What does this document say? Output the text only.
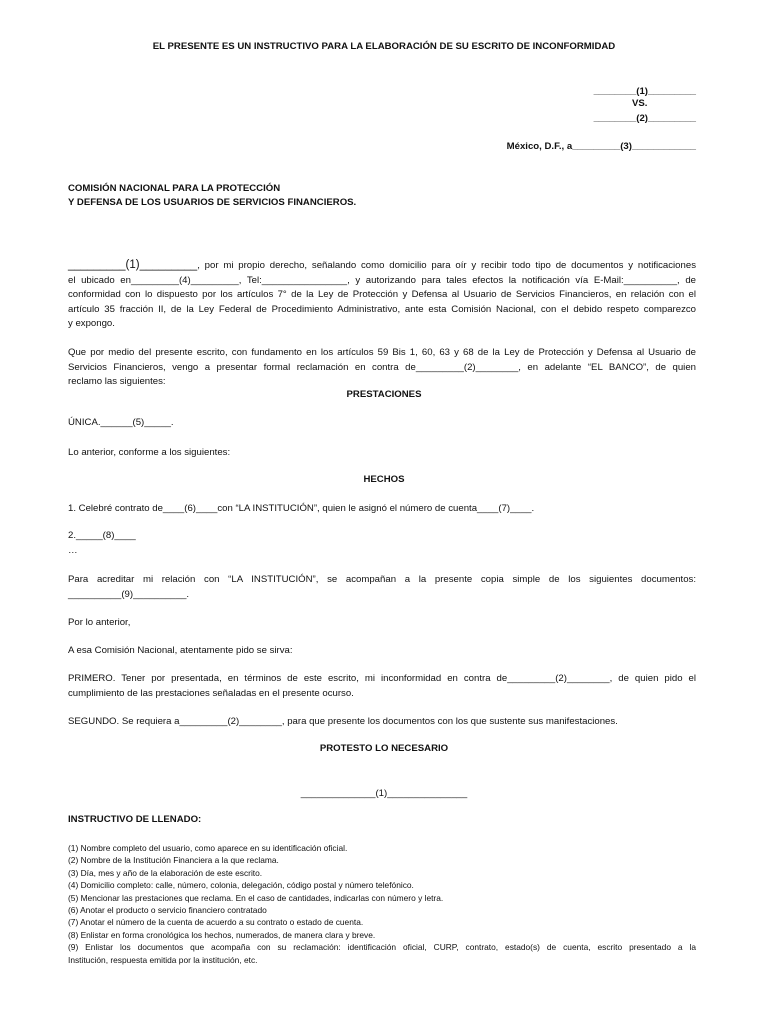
EL PRESENTE ES UN INSTRUCTIVO PARA LA ELABORACIÓN DE SU ESCRITO DE INCONFORMIDAD
________(1)_________
VS.
________(2)_________
México, D.F., a_________(3)____________
COMISIÓN NACIONAL PARA LA PROTECCIÓN
Y DEFENSA DE LOS USUARIOS DE SERVICIOS FINANCIEROS.
_________(1)_________, por mi propio derecho, señalando como domicilio para oír y recibir todo tipo de documentos y notificaciones
el ubicado en_________(4)_________, Tel:________________, y autorizando para tales efectos la notificación vía E-Mail:__________, de
conformidad con lo dispuesto por los artículos 7° de la Ley de Protección y Defensa al Usuario de Servicios Financieros, en relación con el
artículo 35 fracción II, de la Ley Federal de Procedimiento Administrativo, ante esta Comisión Nacional, con el debido respeto comparezco
y expongo.
Que por medio del presente escrito, con fundamento en los artículos 59 Bis 1, 60, 63 y 68 de la Ley de Protección y Defensa al Usuario de
Servicios Financieros, vengo a presentar formal reclamación en contra de_________(2)________, en adelante “EL BANCO”, de quien
reclamo las siguientes:
PRESTACIONES
ÚNICA.______(5)_____.
Lo anterior, conforme a los siguientes:
HECHOS
1. Celebré contrato de____(6)____con “LA INSTITUCIÓN”, quien le asignó el número de cuenta____(7)____.
2._____(8)____
…
Para acreditar mi relación con “LA INSTITUCIÓN”, se acompañan a la presente copia simple de los siguientes documentos:
__________(9)__________.
Por lo anterior,
A esa Comisión Nacional, atentamente pido se sirva:
PRIMERO. Tener por presentada, en términos de este escrito, mi inconformidad en contra de_________(2)________, de quien pido el
cumplimiento de las prestaciones señaladas en el presente ocurso.
SEGUNDO. Se requiera a_________(2)________, para que presente los documentos con los que sustente sus manifestaciones.
PROTESTO LO NECESARIO
______________(1)_______________
INSTRUCTIVO DE LLENADO:
(1) Nombre completo del usuario, como aparece en su identificación oficial.
(2) Nombre de la Institución Financiera a la que reclama.
(3) Día, mes y año de la elaboración de este escrito.
(4) Domicilio completo: calle, número, colonia, delegación, código postal y número telefónico.
(5) Mencionar las prestaciones que reclama. En el caso de cantidades, indicarlas con número y letra.
(6) Anotar el producto o servicio financiero contratado
(7) Anotar el número de la cuenta de acuerdo a su contrato o estado de cuenta.
(8) Enlistar en forma cronológica los hechos, numerados, de manera clara y breve.
(9) Enlistar los documentos que acompaña con su reclamación: identificación oficial, CURP, contrato, estado(s) de cuenta, escrito presentado a la
Institución, respuesta emitida por la institución, etc.
